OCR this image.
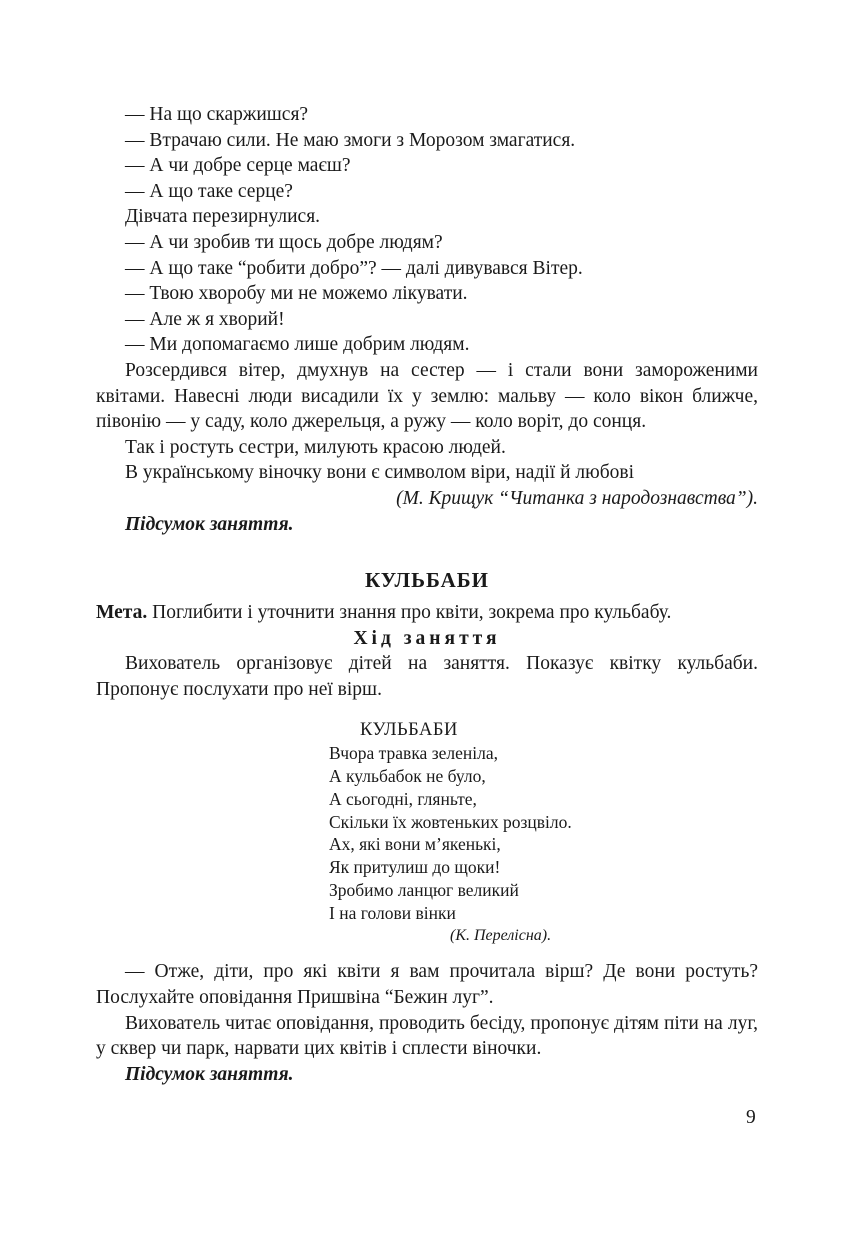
— На що скаржишся?

— Втрачаю сили. Не маю змоги з Морозом змагатися.

— А чи добре серце маєш?

— А що таке серце?

Дівчата перезирнулися.

— А чи зробив ти щось добре людям?

— А що таке “робити добро”? — далі дивувався Вітер.

— Твою хворобу ми не можемо лікувати.

— Але ж я хворий!

— Ми допомагаємо лише добрим людям.

Розсердився вітер, дмухнув на сестер — і стали вони замороженими квітами. Навесні люди висадили їх у землю: мальву — коло вікон ближче, півонію — у саду, коло джерельця, а ружу — коло воріт, до сонця.

Так і ростуть сестри, милують красою людей.

В українському віночку вони є символом віри, надії й любові

(М. Крищук “Читанка з народознавства”).

Підсумок заняття.

КУЛЬБАБИ

Мета. Поглибити і уточнити знання про квіти, зокрема про кульбабу.

Хід заняття

Вихователь організовує дітей на заняття. Показує квітку кульбаби. Пропонує послухати про неї вірш.

КУЛЬБАБИ

Вчора травка зеленіла,

А кульбабок не було,

А сьогодні, гляньте,

Скільки їх жовтеньких розцвіло.

Ах, які вони м’якенькі,

Як притулиш до щоки!

Зробимо ланцюг великий

І на голови вінки

(К. Перелісна).

— Отже, діти, про які квіти я вам прочитала вірш? Де вони ростуть? Послухайте оповідання Пришвіна “Бежин луг”.

Вихователь читає оповідання, проводить бесіду, пропонує дітям піти на луг, у сквер чи парк, нарвати цих квітів і сплести віночки.

Підсумок заняття.

9
